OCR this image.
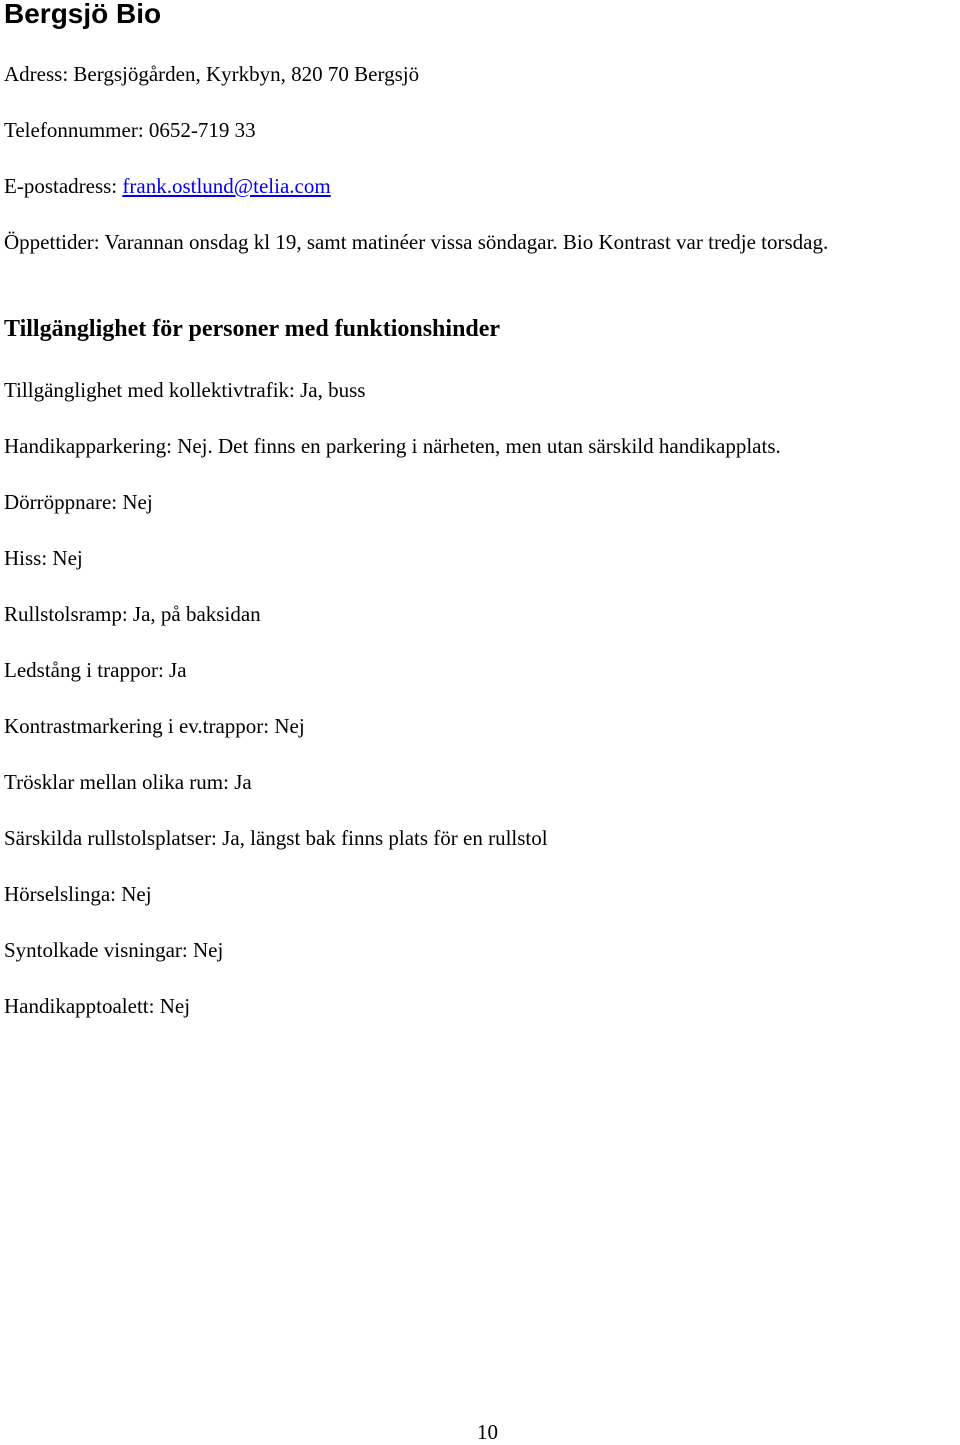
Bergsjö Bio

Adress: Bergsjögården, Kyrkbyn, 820 70 Bergsjö

Telefonnummer: 0652-719 33

E-postadress: frank.ostlund@telia.com

Öppettider: Varannan onsdag kl 19, samt matinéer vissa söndagar. Bio Kontrast var tredje torsdag.

Tillgänglighet för personer med funktionshinder

Tillgänglighet med kollektivtrafik: Ja, buss

Handikapparkering: Nej. Det finns en parkering i närheten, men utan särskild handikapplats.

Dörröppnare: Nej

Hiss: Nej

Rullstolsramp: Ja, på baksidan

Ledstång i trappor: Ja

Kontrastmarkering i ev.trappor: Nej

Trösklar mellan olika rum: Ja

Särskilda rullstolsplatser: Ja, längst bak finns plats för en rullstol

Hörselslinga: Nej

Syntolkade visningar: Nej

Handikapptoalett: Nej

10
